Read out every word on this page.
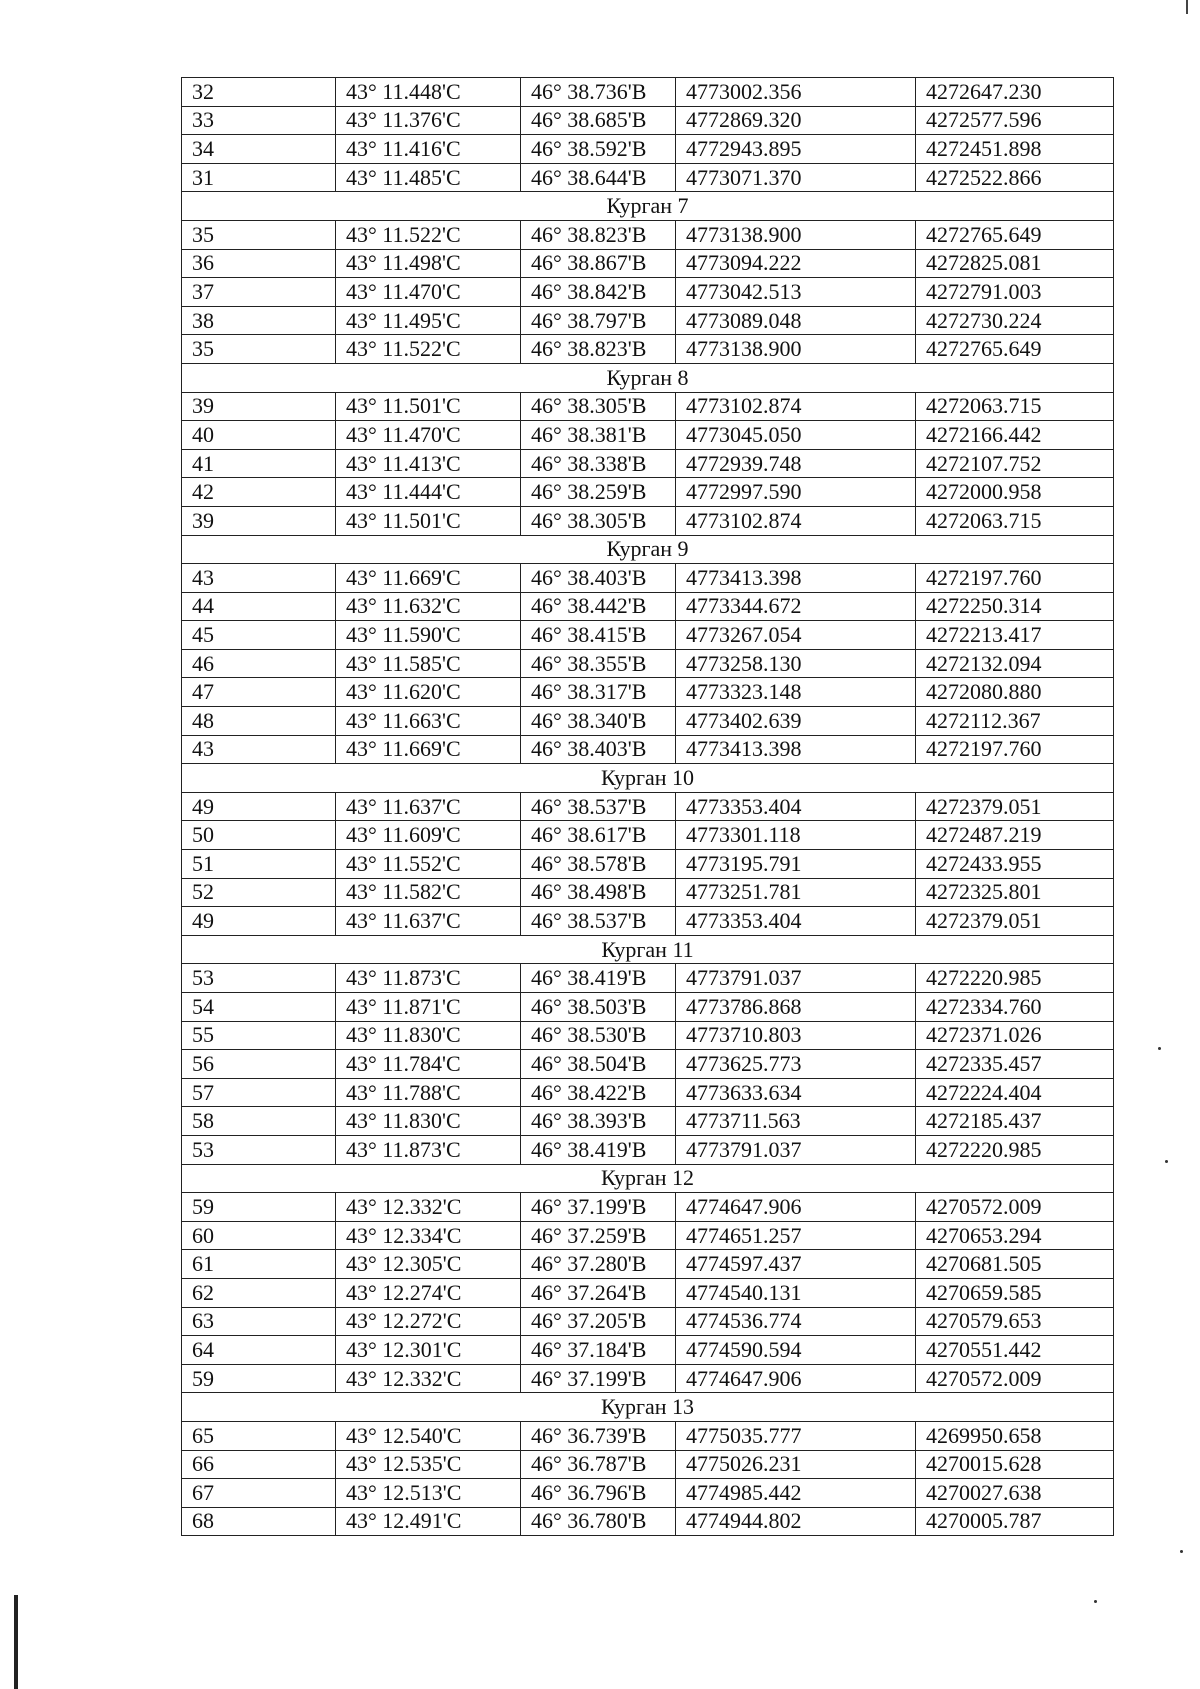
32	43° 11.448'С	46° 38.736'В	4773002.356	4272647.230
33	43° 11.376'С	46° 38.685'В	4772869.320	4272577.596
34	43° 11.416'С	46° 38.592'В	4772943.895	4272451.898
31	43° 11.485'С	46° 38.644'В	4773071.370	4272522.866
Курган 7				
35	43° 11.522'С	46° 38.823'В	4773138.900	4272765.649
36	43° 11.498'С	46° 38.867'В	4773094.222	4272825.081
37	43° 11.470'С	46° 38.842'В	4773042.513	4272791.003
38	43° 11.495'С	46° 38.797'В	4773089.048	4272730.224
35	43° 11.522'С	46° 38.823'В	4773138.900	4272765.649
Курган 8				
39	43° 11.501'С	46° 38.305'В	4773102.874	4272063.715
40	43° 11.470'С	46° 38.381'В	4773045.050	4272166.442
41	43° 11.413'С	46° 38.338'В	4772939.748	4272107.752
42	43° 11.444'С	46° 38.259'В	4772997.590	4272000.958
39	43° 11.501'С	46° 38.305'В	4773102.874	4272063.715
Курган 9				
43	43° 11.669'С	46° 38.403'В	4773413.398	4272197.760
44	43° 11.632'С	46° 38.442'В	4773344.672	4272250.314
45	43° 11.590'С	46° 38.415'В	4773267.054	4272213.417
46	43° 11.585'С	46° 38.355'В	4773258.130	4272132.094
47	43° 11.620'С	46° 38.317'В	4773323.148	4272080.880
48	43° 11.663'С	46° 38.340'В	4773402.639	4272112.367
43	43° 11.669'С	46° 38.403'В	4773413.398	4272197.760
Курган 10				
49	43° 11.637'С	46° 38.537'В	4773353.404	4272379.051
50	43° 11.609'С	46° 38.617'В	4773301.118	4272487.219
51	43° 11.552'С	46° 38.578'В	4773195.791	4272433.955
52	43° 11.582'С	46° 38.498'В	4773251.781	4272325.801
49	43° 11.637'С	46° 38.537'В	4773353.404	4272379.051
Курган 11				
53	43° 11.873'С	46° 38.419'В	4773791.037	4272220.985
54	43° 11.871'С	46° 38.503'В	4773786.868	4272334.760
55	43° 11.830'С	46° 38.530'В	4773710.803	4272371.026
56	43° 11.784'С	46° 38.504'В	4773625.773	4272335.457
57	43° 11.788'С	46° 38.422'В	4773633.634	4272224.404
58	43° 11.830'С	46° 38.393'В	4773711.563	4272185.437
53	43° 11.873'С	46° 38.419'В	4773791.037	4272220.985
Курган 12				
59	43° 12.332'С	46° 37.199'В	4774647.906	4270572.009
60	43° 12.334'С	46° 37.259'В	4774651.257	4270653.294
61	43° 12.305'С	46° 37.280'В	4774597.437	4270681.505
62	43° 12.274'С	46° 37.264'В	4774540.131	4270659.585
63	43° 12.272'С	46° 37.205'В	4774536.774	4270579.653
64	43° 12.301'С	46° 37.184'В	4774590.594	4270551.442
59	43° 12.332'С	46° 37.199'В	4774647.906	4270572.009
Курган 13				
65	43° 12.540'С	46° 36.739'В	4775035.777	4269950.658
66	43° 12.535'С	46° 36.787'В	4775026.231	4270015.628
67	43° 12.513'С	46° 36.796'В	4774985.442	4270027.638
68	43° 12.491'С	46° 36.780'В	4774944.802	4270005.787
